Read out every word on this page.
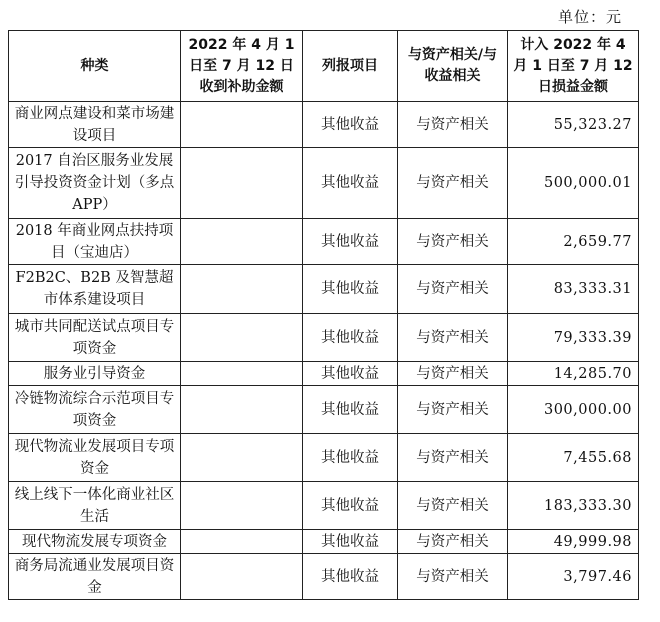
单位：元
种类	2022 年 4 月 1 日至 7 月 12 日收到补助金额	列报项目	与资产相关/与收益相关	计入 2022 年 4 月 1 日至 7 月 12 日损益金额
商业网点建设和菜市场建设项目		其他收益	与资产相关	55,323.27
2017 自治区服务业发展引导投资资金计划（多点 APP）		其他收益	与资产相关	500,000.01
2018 年商业网点扶持项目（宝迪店）		其他收益	与资产相关	2,659.77
F2B2C、B2B 及智慧超市体系建设项目		其他收益	与资产相关	83,333.31
城市共同配送试点项目专项资金		其他收益	与资产相关	79,333.39
服务业引导资金		其他收益	与资产相关	14,285.70
冷链物流综合示范项目专项资金		其他收益	与资产相关	300,000.00
现代物流业发展项目专项资金		其他收益	与资产相关	7,455.68
线上线下一体化商业社区生活		其他收益	与资产相关	183,333.30
现代物流发展专项资金		其他收益	与资产相关	49,999.98
商务局流通业发展项目资金		其他收益	与资产相关	3,797.46
